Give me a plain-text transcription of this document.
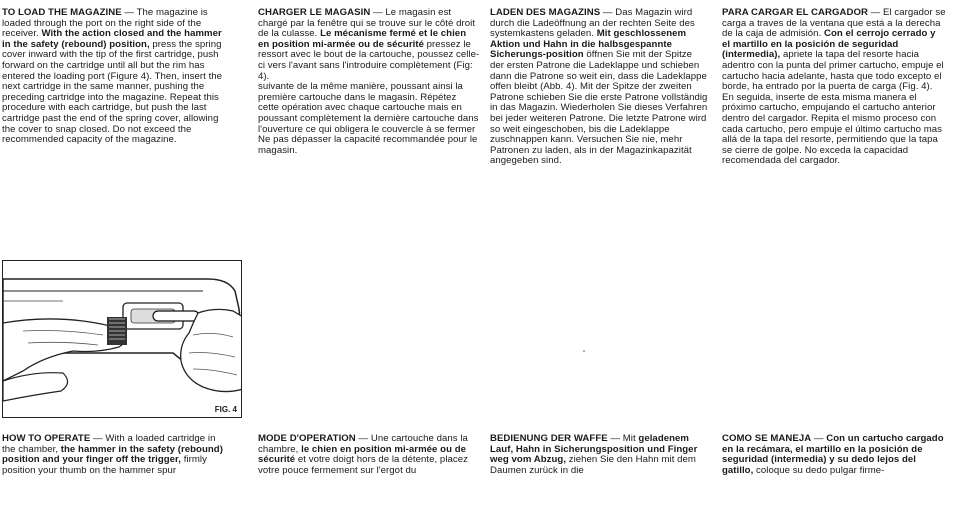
TO LOAD THE MAGAZINE — The magazine is loaded through the port on the right side of the receiver. With the action closed and the hammer in the safety (rebound) position, press the spring cover inward with the tip of the first cartridge, push forward on the cartridge until all but the rim has entered the loading port (Figure 4). Then, insert the next cartridge in the same manner, pushing the preceding cartridge into the magazine. Repeat this procedure with each cartridge, but push the last cartridge past the end of the spring cover, allowing the cover to snap closed. Do not exceed the recommended capacity of the magazine.

CHARGER LE MAGASIN — Le magasin est chargé par la fenêtre qui se trouve sur le côté droit de la culasse. Le mécanisme fermé et le chien en position mi-armée ou de sécurité pressez le ressort avec le bout de la cartouche, poussez celle-ci vers l'avant sans l'introduire complètement (Fig: 4).
suivante de la même manière, poussant ainsi la première cartouche dans le magasin. Répétez cette opération avec chaque cartouche mais en poussant complètement la dernière cartouche dans l'ouverture ce qui obligera le couvercle à se fermer Ne pas dépasser la capacité recommandée pour le magasin.

LADEN DES MAGAZINS — Das Magazin wird durch die Ladeöffnung an der rechten Seite des systemkastens geladen. Mit geschlossenem Aktion und Hahn in die halbsgespannte Sicherungs-position öffnen Sie mit der Spitze der ersten Patrone die Ladeklappe und schieben dann die Patrone so weit ein, dass die Ladeklappe offen bleibt (Abb. 4). Mit der Spitze der zweiten Patrone schieben Sie die erste Patrone vollständig in das Magazin. Wiederholen Sie dieses Verfahren bei jeder weiteren Patrone. Die letzte Patrone wird so weit eingeschoben, bis die Ladeklappe zuschnappen kann. Versuchen Sie nie, mehr Patronen zu laden, als in der Magazinkapazität angegeben sind.

PARA CARGAR EL CARGADOR — El cargador se carga a traves de la ventana que está a la derecha de la caja de admisión. Con el cerrojo cerrado y el martillo en la posición de seguridad (intermedia), apriete la tapa del resorte hacia adentro con la punta del primer cartucho, empuje el cartucho hacia adelante, hasta que todo excepto el borde, ha entrado por la puerta de carga (Fig. 4). En seguida, inserte de esta misma manera el próximo cartucho, empujando el cartucho anterior dentro del cargador. Repita el mismo proceso con cada cartucho, pero empuje el último cartucho mas allá de la tapa del resorte, permitiendo que la tapa se cierre de golpe. No exceda la capacidad recomendada del cargador.

FIG. 4

HOW TO OPERATE — With a loaded cartridge in the chamber, the hammer in the safety (rebound) position and your finger off the trigger, firmly position your thumb on the hammer spur

MODE D'OPERATION — Une cartouche dans la chambre, le chien en position mi-armée ou de sécurité et votre doigt hors de la détente, placez votre pouce fermement sur l'ergot du

BEDIENUNG DER WAFFE — Mit geladenem Lauf, Hahn in Sicherungsposition und Finger weg vom Abzug, ziehen Sie den Hahn mit dem Daumen zurück in die

COMO SE MANEJA — Con un cartucho cargado en la recámara, el martillo en la posición de seguridad (intermedia) y su dedo lejos del gatillo, coloque su dedo pulgar firme-
